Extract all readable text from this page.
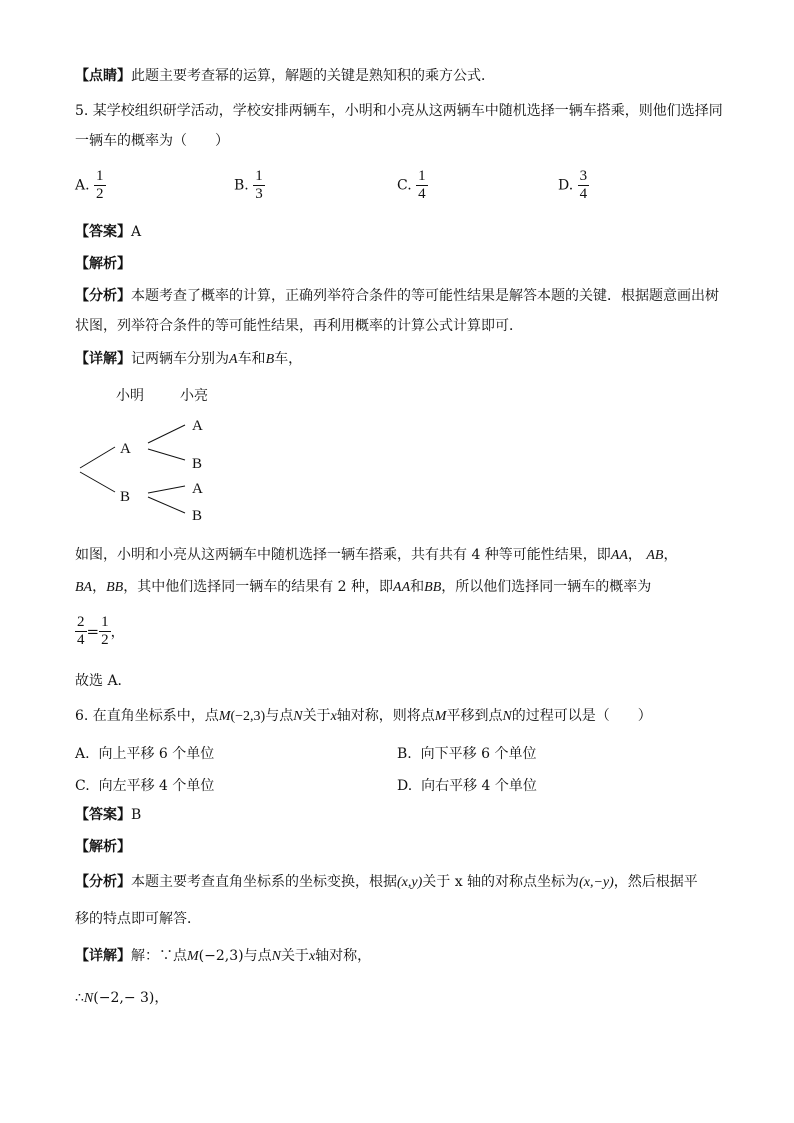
【点睛】此题主要考查幂的运算，解题的关键是熟知积的乘方公式．
5. 某学校组织研学活动，学校安排两辆车，小明和小亮从这两辆车中随机选择一辆车搭乘，则他们选择同
一辆车的概率为（　　）
A. $\frac{1}{2}$	B. $\frac{1}{3}$	C. $\frac{1}{4}$	D. $\frac{3}{4}$
【答案】A
【解析】
【分析】本题考查了概率的计算，正确列举符合条件的等可能性结果是解答本题的关键．根据题意画出树
状图，列举符合条件的等可能性结果，再利用概率的计算公式计算即可．
【详解】记两辆车分别为A车和B车，
小明	小亮
A
B
A
B
A
B
如图，小明和小亮从这两辆车中随机选择一辆车搭乘，共有共有 4 种等可能性结果，即AA， AB，
BA，BB，其中他们选择同一辆车的结果有 2 种，即AA和BB，所以他们选择同一辆车的概率为
$\frac{2}{4} = \frac{1}{2}$ ，
故选 A．
6. 在直角坐标系中，点M(−2,3)与点N关于x轴对称，则将点M平移到点N的过程可以是（　　）
A. 向上平移 6 个单位	B. 向下平移 6 个单位
C. 向左平移 4 个单位	D. 向右平移 4 个单位
【答案】B
【解析】
【分析】本题主要考查直角坐标系的坐标变换，根据(x,y)关于 x 轴的对称点坐标为(x,−y)，然后根据平
移的特点即可解答．
【详解】解：∵点M(−2,3)与点N关于x轴对称，
∴N(−2,− 3)，
